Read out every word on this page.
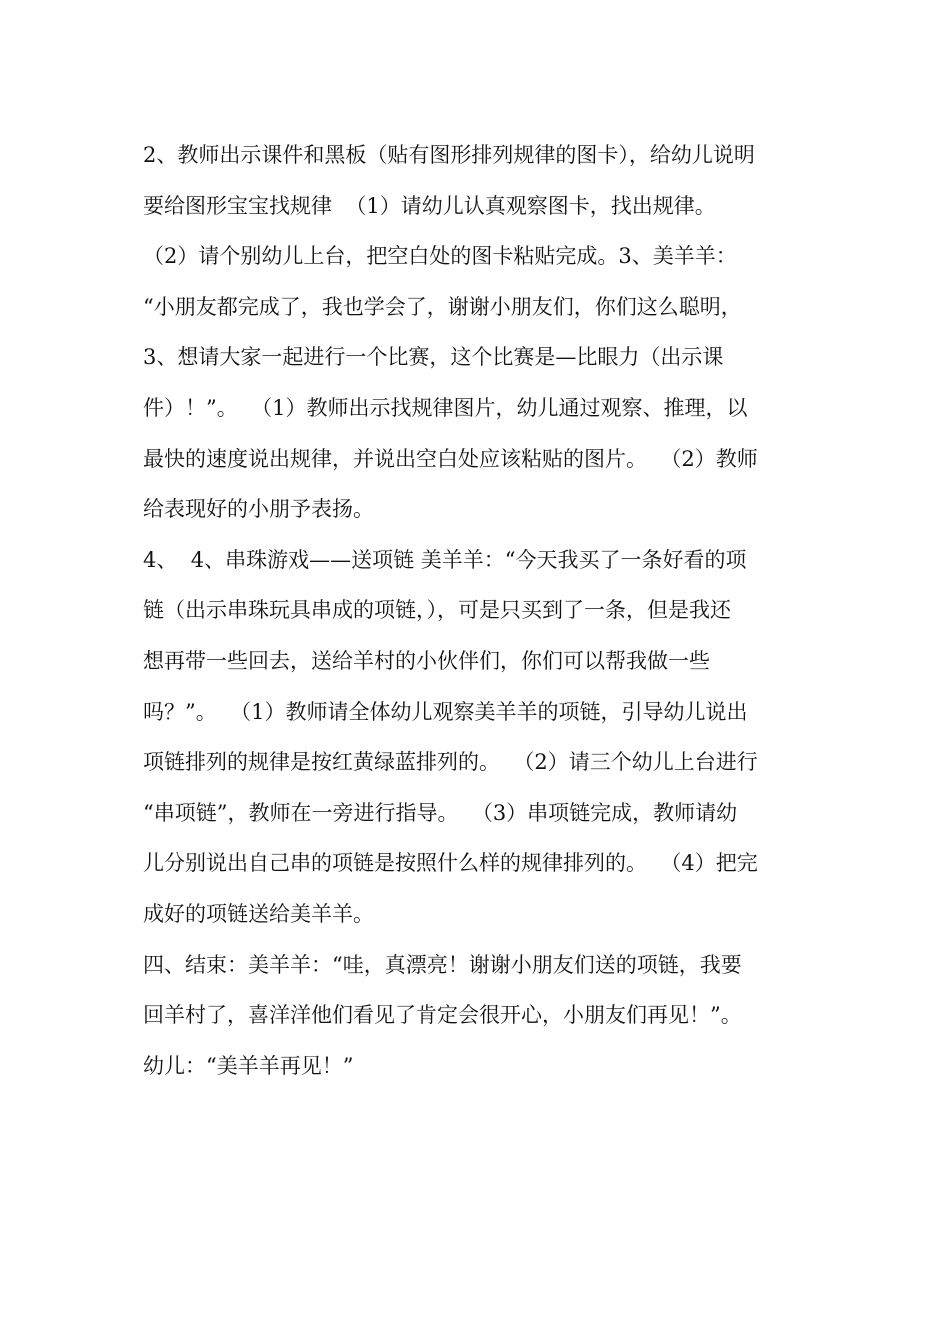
2、教师出示课件和黑板（贴有图形排列规律的图卡），给幼儿说明
要给图形宝宝找规律  （1）请幼儿认真观察图卡，找出规律。
（2）请个别幼儿上台，把空白处的图卡粘贴完成。3、美羊羊：
“小朋友都完成了，我也学会了，谢谢小朋友们，你们这么聪明，
3、想请大家一起进行一个比赛，这个比赛是—比眼力（出示课
件）！”。  （1）教师出示找规律图片，幼儿通过观察、推理，以
最快的速度说出规律，并说出空白处应该粘贴的图片。  （2）教师
给表现好的小朋予表扬。
4、  4、串珠游戏——送项链 美羊羊：“今天我买了一条好看的项
链（出示串珠玩具串成的项链，），可是只买到了一条，但是我还
想再带一些回去，送给羊村的小伙伴们，你们可以帮我做一些
吗？”。  （1）教师请全体幼儿观察美羊羊的项链，引导幼儿说出
项链排列的规律是按红黄绿蓝排列的。  （2）请三个幼儿上台进行
“串项链”，教师在一旁进行指导。  （3）串项链完成，教师请幼
儿分别说出自己串的项链是按照什么样的规律排列的。  （4）把完
成好的项链送给美羊羊。
四、结束：美羊羊：“哇，真漂亮！谢谢小朋友们送的项链，我要
回羊村了，喜洋洋他们看见了肯定会很开心，小朋友们再见！”。
幼儿：“美羊羊再见！”
